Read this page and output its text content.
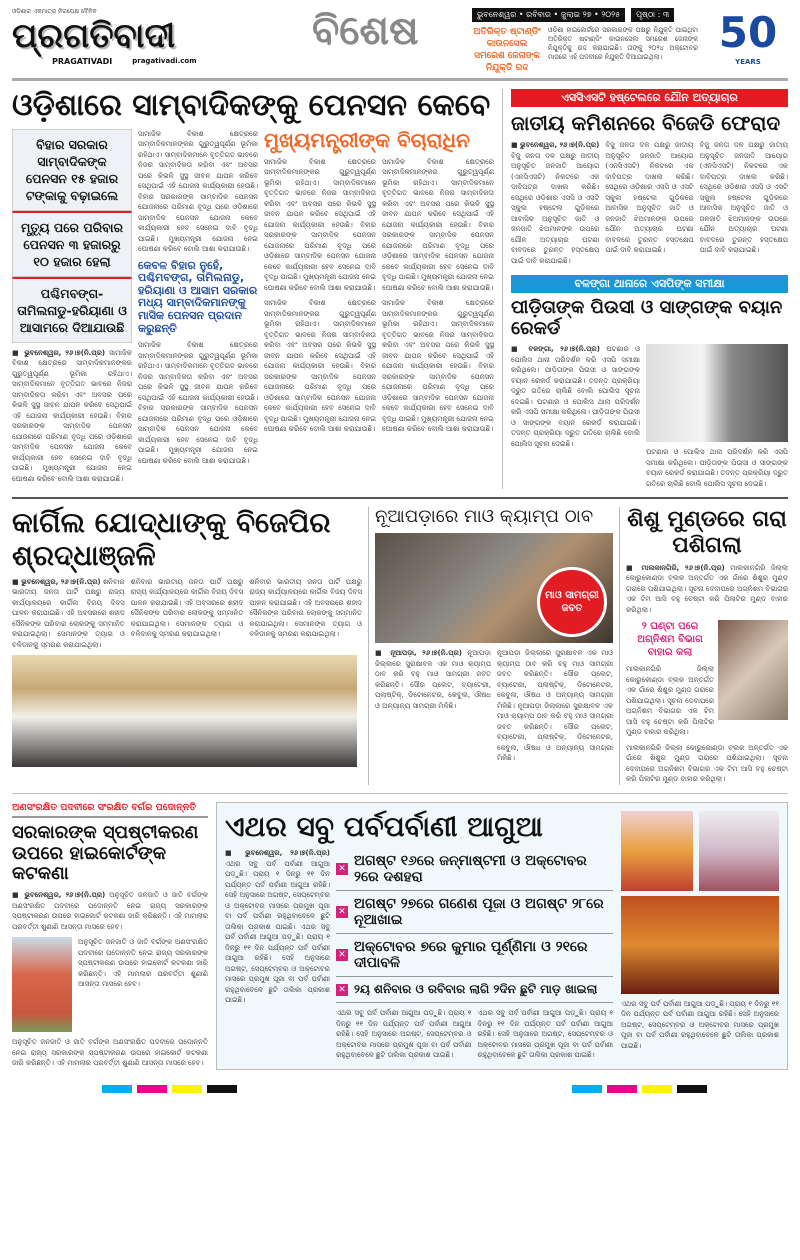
ଓଡ଼ିଶାର ଏକମାତ୍ର ନିରପେକ୍ଷ ଦୈନିକ
ପ୍ରଗତିବାଦୀ
PRAGATIVADI	pragativadi.com
ବିଶେଷ	ଭୁବନେଶ୍ୱର • ରବିବାର • ଜୁଲାଇ ୨୭ • ୨୦୨୫	ପୃଷ୍ଠା : ୩
ଅତିରିକ୍ତ ଷ୍ଟାଣ୍ଡିଂ କାଉନସେଲ ସମରେଶ ଜେନାଙ୍କ ନିଯୁକ୍ତି ରଦ୍ଦ
ଓଡ଼ିଶା ହାଇକୋର୍ଟରେ ସରକାରଙ୍କ ପକ୍ଷରୁ ନିଯୁକ୍ତି ପାଇଥିବା ଅତିରିକ୍ତ ଷ୍ଟାଣ୍ଡିଂ କାଉନସେଲ ସମରେଶ ଜେନାଙ୍କ ନିଯୁକ୍ତିକୁ ରଦ୍ଦ କରାଯାଇଛି। ତାଙ୍କୁ ୨୦୨୪ ଅକ୍ଟୋବର ମାସରେ ଏହି ପଦବୀରେ ନିଯୁକ୍ତି ଦିଆଯାଇଥିଲା।	50
YEARS
ଓଡ଼ିଶାରେ ସାମ୍ବାଦିକଙ୍କୁ ପେନସନ କେବେ
ବିହାର ସରକାର ସାମ୍ବାଦିକଙ୍କ ପେନସନ ୧୫ ହଜାର ଟଙ୍କାକୁ ବଢ଼ାଇଲେ
ମୃତ୍ୟୁ ପରେ ପରିବାର ପେନସନ ୩ ହଜାରରୁ ୧୦ ହଜାର ହେଲା
ପଶ୍ଚିମବଙ୍ଗ-ତାମିଲନାଡୁ-ହରିୟାଣା ଓ ଆସାମରେ ଦିଆଯାଉଛି
■ ଭୁବନେଶ୍ୱର, ୨୬।୭(ନି.ପ୍ର) ସାମାଜିକ ବିକାଶ କ୍ଷେତ୍ରରେ ସାମ୍ବାଦିକମାନଙ୍କର ଗୁରୁତ୍ୱପୂର୍ଣ୍ଣ ଭୂମିକା ରହିଥାଏ। ସାମ୍ବାଦିକମାନେ ବୃତ୍ତିଗତ ଭାବରେ ନିଜର ସାମ୍ବାଦିକତା କରିବା ଏବଂ ଅବସର ପରେ କିଭଳି ସୁସ୍ଥ ଜୀବନ ଯାପନ କରିବେ ସେଥିପାଇଁ ଏହି ଯୋଜନା କାର୍ଯ୍ୟକାରୀ ହେଉଛି। ବିହାର ସରକାରଙ୍କ ସାମ୍ବାଦିକ ପେନସନ ଯୋଜନାରେ ପରିମାଣ ବୃଦ୍ଧି ପରେ ଓଡ଼ିଶାରେ ସାମ୍ବାଦିକ ପେନସନ ଯୋଜନା କେବେ କାର୍ଯ୍ୟକାରୀ ହେବ ସେନେଇ ଦାବି ବୃଦ୍ଧି ପାଇଛି। ମୁଖ୍ୟମନ୍ତ୍ରୀ ଯୋଜନା ନେଇ ଘୋଷଣା କରିବେ ବୋଲି ଆଶା କରାଯାଉଛି।
ସାମାଜିକ ବିକାଶ କ୍ଷେତ୍ରରେ ସାମ୍ବାଦିକମାନଙ୍କର ଗୁରୁତ୍ୱପୂର୍ଣ୍ଣ ଭୂମିକା ରହିଥାଏ। ସାମ୍ବାଦିକମାନେ ବୃତ୍ତିଗତ ଭାବରେ ନିଜର ସାମ୍ବାଦିକତା କରିବା ଏବଂ ଅବସର ପରେ କିଭଳି ସୁସ୍ଥ ଜୀବନ ଯାପନ କରିବେ ସେଥିପାଇଁ ଏହି ଯୋଜନା କାର୍ଯ୍ୟକାରୀ ହେଉଛି। ବିହାର ସରକାରଙ୍କ ସାମ୍ବାଦିକ ପେନସନ ଯୋଜନାରେ ପରିମାଣ ବୃଦ୍ଧି ପରେ ଓଡ଼ିଶାରେ ସାମ୍ବାଦିକ ପେନସନ ଯୋଜନା କେବେ କାର୍ଯ୍ୟକାରୀ ହେବ ସେନେଇ ଦାବି ବୃଦ୍ଧି ପାଇଛି। ମୁଖ୍ୟମନ୍ତ୍ରୀ ଯୋଜନା ନେଇ ଘୋଷଣା କରିବେ ବୋଲି ଆଶା କରାଯାଉଛି।
କେବଳ ବିହାର ନୁହେଁ, ପଶ୍ଚିମବଙ୍ଗ, ତାମିଲନାଡୁ, ହରିୟାଣା ଓ ଆସାମ ସରକାର ମଧ୍ୟ ସାମ୍ବାଦିକମାନଙ୍କୁ ମାସିକ ପେନସନ ପ୍ରଦାନ କରୁଛନ୍ତି
ସାମାଜିକ ବିକାଶ କ୍ଷେତ୍ରରେ ସାମ୍ବାଦିକମାନଙ୍କର ଗୁରୁତ୍ୱପୂର୍ଣ୍ଣ ଭୂମିକା ରହିଥାଏ। ସାମ୍ବାଦିକମାନେ ବୃତ୍ତିଗତ ଭାବରେ ନିଜର ସାମ୍ବାଦିକତା କରିବା ଏବଂ ଅବସର ପରେ କିଭଳି ସୁସ୍ଥ ଜୀବନ ଯାପନ କରିବେ ସେଥିପାଇଁ ଏହି ଯୋଜନା କାର୍ଯ୍ୟକାରୀ ହେଉଛି। ବିହାର ସରକାରଙ୍କ ସାମ୍ବାଦିକ ପେନସନ ଯୋଜନାରେ ପରିମାଣ ବୃଦ୍ଧି ପରେ ଓଡ଼ିଶାରେ ସାମ୍ବାଦିକ ପେନସନ ଯୋଜନା କେବେ କାର୍ଯ୍ୟକାରୀ ହେବ ସେନେଇ ଦାବି ବୃଦ୍ଧି ପାଇଛି। ମୁଖ୍ୟମନ୍ତ୍ରୀ ଯୋଜନା ନେଇ ଘୋଷଣା କରିବେ ବୋଲି ଆଶା କରାଯାଉଛି।
ମୁଖ୍ୟମନ୍ତ୍ରୀଙ୍କ ବିଚାରାଧିନ
ସାମାଜିକ ବିକାଶ କ୍ଷେତ୍ରରେ ସାମ୍ବାଦିକମାନଙ୍କର ଗୁରୁତ୍ୱପୂର୍ଣ୍ଣ ଭୂମିକା ରହିଥାଏ। ସାମ୍ବାଦିକମାନେ ବୃତ୍ତିଗତ ଭାବରେ ନିଜର ସାମ୍ବାଦିକତା କରିବା ଏବଂ ଅବସର ପରେ କିଭଳି ସୁସ୍ଥ ଜୀବନ ଯାପନ କରିବେ ସେଥିପାଇଁ ଏହି ଯୋଜନା କାର୍ଯ୍ୟକାରୀ ହେଉଛି। ବିହାର ସରକାରଙ୍କ ସାମ୍ବାଦିକ ପେନସନ ଯୋଜନାରେ ପରିମାଣ ବୃଦ୍ଧି ପରେ ଓଡ଼ିଶାରେ ସାମ୍ବାଦିକ ପେନସନ ଯୋଜନା କେବେ କାର୍ଯ୍ୟକାରୀ ହେବ ସେନେଇ ଦାବି ବୃଦ୍ଧି ପାଇଛି। ମୁଖ୍ୟମନ୍ତ୍ରୀ ଯୋଜନା ନେଇ ଘୋଷଣା କରିବେ ବୋଲି ଆଶା କରାଯାଉଛି।
ସାମାଜିକ ବିକାଶ କ୍ଷେତ୍ରରେ ସାମ୍ବାଦିକମାନଙ୍କର ଗୁରୁତ୍ୱପୂର୍ଣ୍ଣ ଭୂମିକା ରହିଥାଏ। ସାମ୍ବାଦିକମାନେ ବୃତ୍ତିଗତ ଭାବରେ ନିଜର ସାମ୍ବାଦିକତା କରିବା ଏବଂ ଅବସର ପରେ କିଭଳି ସୁସ୍ଥ ଜୀବନ ଯାପନ କରିବେ ସେଥିପାଇଁ ଏହି ଯୋଜନା କାର୍ଯ୍ୟକାରୀ ହେଉଛି। ବିହାର ସରକାରଙ୍କ ସାମ୍ବାଦିକ ପେନସନ ଯୋଜନାରେ ପରିମାଣ ବୃଦ୍ଧି ପରେ ଓଡ଼ିଶାରେ ସାମ୍ବାଦିକ ପେନସନ ଯୋଜନା କେବେ କାର୍ଯ୍ୟକାରୀ ହେବ ସେନେଇ ଦାବି ବୃଦ୍ଧି ପାଇଛି। ମୁଖ୍ୟମନ୍ତ୍ରୀ ଯୋଜନା ନେଇ ଘୋଷଣା କରିବେ ବୋଲି ଆଶା କରାଯାଉଛି।
ସାମାଜିକ ବିକାଶ କ୍ଷେତ୍ରରେ ସାମ୍ବାଦିକମାନଙ୍କର ଗୁରୁତ୍ୱପୂର୍ଣ୍ଣ ଭୂମିକା ରହିଥାଏ। ସାମ୍ବାଦିକମାନେ ବୃତ୍ତିଗତ ଭାବରେ ନିଜର ସାମ୍ବାଦିକତା କରିବା ଏବଂ ଅବସର ପରେ କିଭଳି ସୁସ୍ଥ ଜୀବନ ଯାପନ କରିବେ ସେଥିପାଇଁ ଏହି ଯୋଜନା କାର୍ଯ୍ୟକାରୀ ହେଉଛି। ବିହାର ସରକାରଙ୍କ ସାମ୍ବାଦିକ ପେନସନ ଯୋଜନାରେ ପରିମାଣ ବୃଦ୍ଧି ପରେ ଓଡ଼ିଶାରେ ସାମ୍ବାଦିକ ପେନସନ ଯୋଜନା କେବେ କାର୍ଯ୍ୟକାରୀ ହେବ ସେନେଇ ଦାବି ବୃଦ୍ଧି ପାଇଛି। ମୁଖ୍ୟମନ୍ତ୍ରୀ ଯୋଜନା ନେଇ ଘୋଷଣା କରିବେ ବୋଲି ଆଶା କରାଯାଉଛି।
ସାମାଜିକ ବିକାଶ କ୍ଷେତ୍ରରେ ସାମ୍ବାଦିକମାନଙ୍କର ଗୁରୁତ୍ୱପୂର୍ଣ୍ଣ ଭୂମିକା ରହିଥାଏ। ସାମ୍ବାଦିକମାନେ ବୃତ୍ତିଗତ ଭାବରେ ନିଜର ସାମ୍ବାଦିକତା କରିବା ଏବଂ ଅବସର ପରେ କିଭଳି ସୁସ୍ଥ ଜୀବନ ଯାପନ କରିବେ ସେଥିପାଇଁ ଏହି ଯୋଜନା କାର୍ଯ୍ୟକାରୀ ହେଉଛି। ବିହାର ସରକାରଙ୍କ ସାମ୍ବାଦିକ ପେନସନ ଯୋଜନାରେ ପରିମାଣ ବୃଦ୍ଧି ପରେ ଓଡ଼ିଶାରେ ସାମ୍ବାଦିକ ପେନସନ ଯୋଜନା କେବେ କାର୍ଯ୍ୟକାରୀ ହେବ ସେନେଇ ଦାବି ବୃଦ୍ଧି ପାଇଛି। ମୁଖ୍ୟମନ୍ତ୍ରୀ ଯୋଜନା ନେଇ ଘୋଷଣା କରିବେ ବୋଲି ଆଶା କରାଯାଉଛି।
ଏସସିଏସଟି ହଷ୍ଟେଲରେ ଯୌନ ଅତ୍ୟାଚାର
ଜାତୀୟ କମିଶନରେ ବିଜେଡି ଫେରାଦ
■ ଭୁବନେଶ୍ୱର, ୨୬।୭(ନି.ପ୍ର) ବିଜୁ ଜନତା ଦଳ ପକ୍ଷରୁ ଜାତୀୟ ଅନୁସୂଚିତ ଜନଜାତି ଆୟୋଗ (ଏନସିଏସଟି) ନିକଟରେ ଏକ ଦାବିପତ୍ର ଦାଖଲ କରିଛି। ସେଥିରେ ଓଡ଼ିଶାର ଏସସି ଓ ଏସଟି ସ୍କୁଲ ହଷ୍ଟେଲ ଗୁଡ଼ିକରେ ଆବାସିକ ଅନୁସୂଚିତ ଜାତି ଓ ଜନଜାତି ଝିଅମାନଙ୍କ ଉପରେ ଯୌନ ଅତ୍ୟାଚାର ଘଟଣା ବାବଦରେ ତୁରନ୍ତ ହସ୍ତକ୍ଷେପ ପାଇଁ ଦାବି କରାଯାଇଛି।
ବିଜୁ ଜନତା ଦଳ ପକ୍ଷରୁ ଜାତୀୟ ଅନୁସୂଚିତ ଜନଜାତି ଆୟୋଗ (ଏନସିଏସଟି) ନିକଟରେ ଏକ ଦାବିପତ୍ର ଦାଖଲ କରିଛି। ସେଥିରେ ଓଡ଼ିଶାର ଏସସି ଓ ଏସଟି ସ୍କୁଲ ହଷ୍ଟେଲ ଗୁଡ଼ିକରେ ଆବାସିକ ଅନୁସୂଚିତ ଜାତି ଓ ଜନଜାତି ଝିଅମାନଙ୍କ ଉପରେ ଯୌନ ଅତ୍ୟାଚାର ଘଟଣା ବାବଦରେ ତୁରନ୍ତ ହସ୍ତକ୍ଷେପ ପାଇଁ ଦାବି କରାଯାଇଛି।
ବିଜୁ ଜନତା ଦଳ ପକ୍ଷରୁ ଜାତୀୟ ଅନୁସୂଚିତ ଜନଜାତି ଆୟୋଗ (ଏନସିଏସଟି) ନିକଟରେ ଏକ ଦାବିପତ୍ର ଦାଖଲ କରିଛି। ସେଥିରେ ଓଡ଼ିଶାର ଏସସି ଓ ଏସଟି ସ୍କୁଲ ହଷ୍ଟେଲ ଗୁଡ଼ିକରେ ଆବାସିକ ଅନୁସୂଚିତ ଜାତି ଓ ଜନଜାତି ଝିଅମାନଙ୍କ ଉପରେ ଯୌନ ଅତ୍ୟାଚାର ଘଟଣା ବାବଦରେ ତୁରନ୍ତ ହସ୍ତକ୍ଷେପ ପାଇଁ ଦାବି କରାଯାଇଛି।
ବଳଙ୍ଗା ଥାନାରେ ଏସପିଙ୍କ ସମୀକ୍ଷା
ପୀଡ଼ିତାଙ୍କ ପିଉସୀ ଓ ସାଙ୍ଗଙ୍କ ବୟାନ ରେକର୍ଡ
■ ବଳଙ୍ଗା, ୨୬।୭(ନି.ପ୍ର) ଘଟଣାର ଓ ପୋଲିସ ଥାନା ପରିଦର୍ଶନ କରି ଏସପି ସମୀକ୍ଷା କରିଥିଲେ। ପୀଡ଼ିତାଙ୍କ ପିଉସୀ ଓ ସାଙ୍ଗଙ୍କ ବୟାନ ରେକର୍ଡ କରାଯାଇଛି। ତଦନ୍ତ ପ୍ରକ୍ରିୟା ଦ୍ରୁତ ଗତିରେ ଚାଲିଛି ବୋଲି ପୋଲିସ ସୂଚନା ଦେଇଛି। ଘଟଣାର ଓ ପୋଲିସ ଥାନା ପରିଦର୍ଶନ କରି ଏସପି ସମୀକ୍ଷା କରିଥିଲେ। ପୀଡ଼ିତାଙ୍କ ପିଉସୀ ଓ ସାଙ୍ଗଙ୍କ ବୟାନ ରେକର୍ଡ କରାଯାଇଛି। ତଦନ୍ତ ପ୍ରକ୍ରିୟା ଦ୍ରୁତ ଗତିରେ ଚାଲିଛି ବୋଲି ପୋଲିସ ସୂଚନା ଦେଇଛି।
ଘଟଣାର ଓ ପୋଲିସ ଥାନା ପରିଦର୍ଶନ କରି ଏସପି ସମୀକ୍ଷା କରିଥିଲେ। ପୀଡ଼ିତାଙ୍କ ପିଉସୀ ଓ ସାଙ୍ଗଙ୍କ ବୟାନ ରେକର୍ଡ କରାଯାଇଛି। ତଦନ୍ତ ପ୍ରକ୍ରିୟା ଦ୍ରୁତ ଗତିରେ ଚାଲିଛି ବୋଲି ପୋଲିସ ସୂଚନା ଦେଇଛି।
କାର୍ଗିଲ ଯୋଦ୍ଧାଙ୍କୁ ବିଜେପିର ଶ୍ରଦ୍ଧାଞ୍ଜଳି
■ ଭୁବନେଶ୍ୱର, ୨୬।୭(ନି.ପ୍ର) ଶନିବାର ଭାରତୀୟ ଜନତା ପାର୍ଟି ପକ୍ଷରୁ ରାଜ୍ୟ କାର୍ଯ୍ୟାଳୟରେ କାର୍ଗିଲ ବିଜୟ ଦିବସ ପାଳନ କରାଯାଇଛି। ଏହି ଅବସରରେ ଶହୀଦ ସୈନିକଙ୍କ ପରିବାର ଲୋକଙ୍କୁ ସମ୍ମାନିତ କରାଯାଇଥିଲା। ସେମାନଙ୍କ ତ୍ୟାଗ ଓ ବଳିଦାନକୁ ସ୍ମରଣ କରାଯାଇଥିଲା।
ଶନିବାର ଭାରତୀୟ ଜନତା ପାର୍ଟି ପକ୍ଷରୁ ରାଜ୍ୟ କାର୍ଯ୍ୟାଳୟରେ କାର୍ଗିଲ ବିଜୟ ଦିବସ ପାଳନ କରାଯାଇଛି। ଏହି ଅବସରରେ ଶହୀଦ ସୈନିକଙ୍କ ପରିବାର ଲୋକଙ୍କୁ ସମ୍ମାନିତ କରାଯାଇଥିଲା। ସେମାନଙ୍କ ତ୍ୟାଗ ଓ ବଳିଦାନକୁ ସ୍ମରଣ କରାଯାଇଥିଲା।
ଶନିବାର ଭାରତୀୟ ଜନତା ପାର୍ଟି ପକ୍ଷରୁ ରାଜ୍ୟ କାର୍ଯ୍ୟାଳୟରେ କାର୍ଗିଲ ବିଜୟ ଦିବସ ପାଳନ କରାଯାଇଛି। ଏହି ଅବସରରେ ଶହୀଦ ସୈନିକଙ୍କ ପରିବାର ଲୋକଙ୍କୁ ସମ୍ମାନିତ କରାଯାଇଥିଲା। ସେମାନଙ୍କ ତ୍ୟାଗ ଓ ବଳିଦାନକୁ ସ୍ମରଣ କରାଯାଇଥିଲା।
ନୂଆପଡ଼ାରେ ମାଓ କ୍ୟାମ୍ପ ଠାବ
ମାଓ ସାମଗ୍ରୀ ଜବତ
■ ନୂଆପଡ଼ା, ୨୬।୭(ନି.ପ୍ର) ନୂଆପଡ଼ା ଜିଲ୍ଲାରେ ସୁରକ୍ଷାବଳ ଏକ ମାଓ କ୍ୟାମ୍ପ ଠାବ କରି ବହୁ ମାଓ ସାମଗ୍ରୀ ଜବତ କରିଛନ୍ତି। ସୌର ପ୍ଲେଟ, ବ୍ୟାଟେରୀ, ପ୍ଲାଷ୍ଟିକ୍, ଡିଟୋନେଟର, କେବୁଲ, ଔଷଧ ଓ ଅନ୍ୟାନ୍ୟ ସାମଗ୍ରୀ ମିଳିଛି।
ନୂଆପଡ଼ା ଜିଲ୍ଲାରେ ସୁରକ୍ଷାବଳ ଏକ ମାଓ କ୍ୟାମ୍ପ ଠାବ କରି ବହୁ ମାଓ ସାମଗ୍ରୀ ଜବତ କରିଛନ୍ତି। ସୌର ପ୍ଲେଟ, ବ୍ୟାଟେରୀ, ପ୍ଲାଷ୍ଟିକ୍, ଡିଟୋନେଟର, କେବୁଲ, ଔଷଧ ଓ ଅନ୍ୟାନ୍ୟ ସାମଗ୍ରୀ ମିଳିଛି। ନୂଆପଡ଼ା ଜିଲ୍ଲାରେ ସୁରକ୍ଷାବଳ ଏକ ମାଓ କ୍ୟାମ୍ପ ଠାବ କରି ବହୁ ମାଓ ସାମଗ୍ରୀ ଜବତ କରିଛନ୍ତି। ସୌର ପ୍ଲେଟ, ବ୍ୟାଟେରୀ, ପ୍ଲାଷ୍ଟିକ୍, ଡିଟୋନେଟର, କେବୁଲ, ଔଷଧ ଓ ଅନ୍ୟାନ୍ୟ ସାମଗ୍ରୀ ମିଳିଛି।
ଶିଶୁ ମୁଣ୍ଡରେ ଗରା ପଶିଗଲା
■ ମାଲକାନଗିରି, ୨୬।୭(ନି.ପ୍ର) ମାଲକାନଗିରି ଜିଲ୍ଲା କୋରୁକୋଣ୍ଡା ବ୍ଲକ ଅନ୍ତର୍ଗତ ଏକ ଗାଁରେ ଶିଶୁର ମୁଣ୍ଡ ଗରାରେ ପଶିଯାଇଥିଲା। ସୂଚନା ଦେବାପରେ ଅଗ୍ନିଶମ ବିଭାଗର ଏକ ଟିମ ଆସି ବହୁ ଚେଷ୍ଟା କରି ପିଲାଟିର ମୁଣ୍ଡ ବାହାର କରିଥିଲା।
୨ ଘଣ୍ଟା ପରେ ଅଗ୍ନିଶମ ବିଭାଗ ବାହାର କଲା
ମାଲକାନଗିରି ଜିଲ୍ଲା କୋରୁକୋଣ୍ଡା ବ୍ଲକ ଅନ୍ତର୍ଗତ ଏକ ଗାଁରେ ଶିଶୁର ମୁଣ୍ଡ ଗରାରେ ପଶିଯାଇଥିଲା। ସୂଚନା ଦେବାପରେ ଅଗ୍ନିଶମ ବିଭାଗର ଏକ ଟିମ ଆସି ବହୁ ଚେଷ୍ଟା କରି ପିଲାଟିର ମୁଣ୍ଡ ବାହାର କରିଥିଲା।
ମାଲକାନଗିରି ଜିଲ୍ଲା କୋରୁକୋଣ୍ଡା ବ୍ଲକ ଅନ୍ତର୍ଗତ ଏକ ଗାଁରେ ଶିଶୁର ମୁଣ୍ଡ ଗରାରେ ପଶିଯାଇଥିଲା। ସୂଚନା ଦେବାପରେ ଅଗ୍ନିଶମ ବିଭାଗର ଏକ ଟିମ ଆସି ବହୁ ଚେଷ୍ଟା କରି ପିଲାଟିର ମୁଣ୍ଡ ବାହାର କରିଥିଲା।
ଅଣସଂରକ୍ଷିତ ପଦବୀରେ ସଂରକ୍ଷିତ ବର୍ଗର ପଦୋନ୍ନତି
ସରକାରଙ୍କ ସ୍ପଷ୍ଟୀକରଣ ଉପରେ ହାଇକୋର୍ଟଙ୍କ କଟକଣା
■ ଭୁବନେଶ୍ୱର, ୨୬।୭(ନି.ପ୍ର) ଅନୁସୂଚିତ ଜନଜାତି ଓ ଜାତି ବର୍ଗଙ୍କ ଅଣସଂରକ୍ଷିତ ପଦବୀରେ ପଦୋନ୍ନତି ନେଇ ରାଜ୍ୟ ସରକାରଙ୍କ ସ୍ପଷ୍ଟୀକରଣ ଉପରେ ହାଇକୋର୍ଟ କଟକଣା ଜାରି କରିଛନ୍ତି। ଏହି ମାମଲାର ପରବର୍ତ୍ତୀ ଶୁଣାଣି ଆସନ୍ତା ମାସରେ ହେବ।
ଅନୁସୂଚିତ ଜନଜାତି ଓ ଜାତି ବର୍ଗଙ୍କ ଅଣସଂରକ୍ଷିତ ପଦବୀରେ ପଦୋନ୍ନତି ନେଇ ରାଜ୍ୟ ସରକାରଙ୍କ ସ୍ପଷ୍ଟୀକରଣ ଉପରେ ହାଇକୋର୍ଟ କଟକଣା ଜାରି କରିଛନ୍ତି। ଏହି ମାମଲାର ପରବର୍ତ୍ତୀ ଶୁଣାଣି ଆସନ୍ତା ମାସରେ ହେବ।
ଅନୁସୂଚିତ ଜନଜାତି ଓ ଜାତି ବର୍ଗଙ୍କ ଅଣସଂରକ୍ଷିତ ପଦବୀରେ ପଦୋନ୍ନତି ନେଇ ରାଜ୍ୟ ସରକାରଙ୍କ ସ୍ପଷ୍ଟୀକରଣ ଉପରେ ହାଇକୋର୍ଟ କଟକଣା ଜାରି କରିଛନ୍ତି। ଏହି ମାମଲାର ପରବର୍ତ୍ତୀ ଶୁଣାଣି ଆସନ୍ତା ମାସରେ ହେବ।
ଏଥର ସବୁ ପର୍ବପର୍ବାଣୀ ଆଗୁଆ
■ ଭୁବନେଶ୍ୱର, ୨୬।୭(ନି.ପ୍ର) ଏଥର ସବୁ ପର୍ବ ପର୍ବାଣୀ ଆଗୁଆ ପଡ଼ୁଛି। ପ୍ରାୟ ୧ ଦିନରୁ ୧୧ ଦିନ ପର୍ଯ୍ୟନ୍ତ ପର୍ବ ପର୍ବାଣୀ ଆଗୁଆ ରହିଛି। ସେହି ଅନୁସାରେ ଅଗଷ୍ଟ, ସେପ୍ଟେମ୍ବର ଓ ଅକ୍ଟୋବର ମାସରେ ପ୍ରମୁଖ ପୂଜା ବା ପର୍ବ ପର୍ବାଣୀ ରହୁଥିବାବେଳେ ଛୁଟି ତାଲିକା ପ୍ରକାଶ ପାଇଛି। ଏଥର ସବୁ ପର୍ବ ପର୍ବାଣୀ ଆଗୁଆ ପଡ଼ୁଛି। ପ୍ରାୟ ୧ ଦିନରୁ ୧୧ ଦିନ ପର୍ଯ୍ୟନ୍ତ ପର୍ବ ପର୍ବାଣୀ ଆଗୁଆ ରହିଛି। ସେହି ଅନୁସାରେ ଅଗଷ୍ଟ, ସେପ୍ଟେମ୍ବର ଓ ଅକ୍ଟୋବର ମାସରେ ପ୍ରମୁଖ ପୂଜା ବା ପର୍ବ ପର୍ବାଣୀ ରହୁଥିବାବେଳେ ଛୁଟି ତାଲିକା ପ୍ରକାଶ ପାଇଛି।
✕ ଅଗଷ୍ଟ ୧୬ରେ ଜନ୍ମାଷ୍ଟମୀ ଓ ଅକ୍ଟୋବର ୨ରେ ଦଶହରା
✕ ଅଗଷ୍ଟ ୨୭ରେ ଗଣେଶ ପୂଜା ଓ ଅଗଷ୍ଟ ୨୮ରେ ନୂଆଖାଇ
✕ ଅକ୍ଟୋବର ୭ରେ କୁମାର ପୂର୍ଣ୍ଣିମା ଓ ୨୧ରେ ଦୀପାବଳି
✕ ୨ୟ ଶନିବାର ଓ ରବିବାର ଲାଗି ୨ଦିନ ଛୁଟି ମାଡ଼ ଖାଇଲା
ଏଥର ସବୁ ପର୍ବ ପର୍ବାଣୀ ଆଗୁଆ ପଡ଼ୁଛି। ପ୍ରାୟ ୧ ଦିନରୁ ୧୧ ଦିନ ପର୍ଯ୍ୟନ୍ତ ପର୍ବ ପର୍ବାଣୀ ଆଗୁଆ ରହିଛି। ସେହି ଅନୁସାରେ ଅଗଷ୍ଟ, ସେପ୍ଟେମ୍ବର ଓ ଅକ୍ଟୋବର ମାସରେ ପ୍ରମୁଖ ପୂଜା ବା ପର୍ବ ପର୍ବାଣୀ ରହୁଥିବାବେଳେ ଛୁଟି ତାଲିକା ପ୍ରକାଶ ପାଇଛି।
ଏଥର ସବୁ ପର୍ବ ପର୍ବାଣୀ ଆଗୁଆ ପଡ଼ୁଛି। ପ୍ରାୟ ୧ ଦିନରୁ ୧୧ ଦିନ ପର୍ଯ୍ୟନ୍ତ ପର୍ବ ପର୍ବାଣୀ ଆଗୁଆ ରହିଛି। ସେହି ଅନୁସାରେ ଅଗଷ୍ଟ, ସେପ୍ଟେମ୍ବର ଓ ଅକ୍ଟୋବର ମାସରେ ପ୍ରମୁଖ ପୂଜା ବା ପର୍ବ ପର୍ବାଣୀ ରହୁଥିବାବେଳେ ଛୁଟି ତାଲିକା ପ୍ରକାଶ ପାଇଛି।
ଏଥର ସବୁ ପର୍ବ ପର୍ବାଣୀ ଆଗୁଆ ପଡ଼ୁଛି। ପ୍ରାୟ ୧ ଦିନରୁ ୧୧ ଦିନ ପର୍ଯ୍ୟନ୍ତ ପର୍ବ ପର୍ବାଣୀ ଆଗୁଆ ରହିଛି। ସେହି ଅନୁସାରେ ଅଗଷ୍ଟ, ସେପ୍ଟେମ୍ବର ଓ ଅକ୍ଟୋବର ମାସରେ ପ୍ରମୁଖ ପୂଜା ବା ପର୍ବ ପର୍ବାଣୀ ରହୁଥିବାବେଳେ ଛୁଟି ତାଲିକା ପ୍ରକାଶ ପାଇଛି।
